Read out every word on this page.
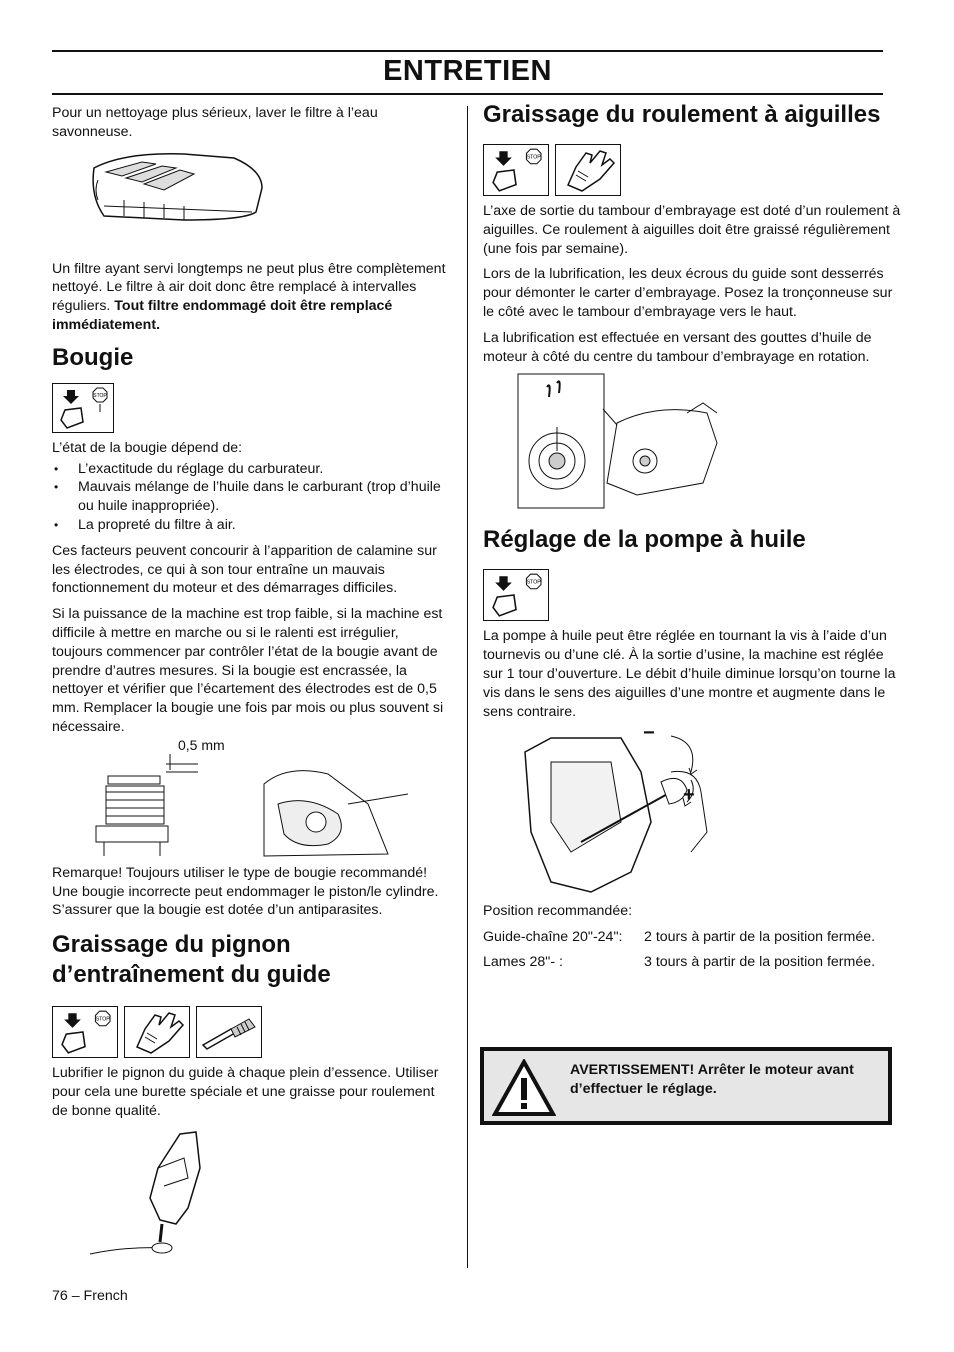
ENTRETIEN

Pour un nettoyage plus sérieux, laver le filtre à l’eau savonneuse.

Un filtre ayant servi longtemps ne peut plus être complètement nettoyé. Le filtre à air doit donc être remplacé à intervalles réguliers. Tout filtre endommagé doit être remplacé immédiatement.

Bougie
STOP

L’état de la bougie dépend de:

• L’exactitude du réglage du carburateur.
• Mauvais mélange de l’huile dans le carburant (trop d’huile ou huile inappropriée).
• La propreté du filtre à air.

Ces facteurs peuvent concourir à l’apparition de calamine sur les électrodes, ce qui à son tour entraîne un mauvais fonctionnement du moteur et des démarrages difficiles.

Si la puissance de la machine est trop faible, si la machine est difficile à mettre en marche ou si le ralenti est irrégulier, toujours commencer par contrôler l’état de la bougie avant de prendre d’autres mesures. Si la bougie est encrassée, la nettoyer et vérifier que l’écartement des électrodes est de 0,5 mm. Remplacer la bougie une fois par mois ou plus souvent si nécessaire.

0,5 mm

Remarque! Toujours utiliser le type de bougie recommandé! Une bougie incorrecte peut endommager le piston/le cylindre. S’assurer que la bougie est dotée d’un antiparasites.

Graissage du pignon d’entraînement du guide
STOP

Lubrifier le pignon du guide à chaque plein d’essence. Utiliser pour cela une burette spéciale et une graisse pour roulement de bonne qualité.

Graissage du roulement à aiguilles
STOP

L’axe de sortie du tambour d’embrayage est doté d’un roulement à aiguilles. Ce roulement à aiguilles doit être graissé régulièrement (une fois par semaine).

Lors de la lubrification, les deux écrous du guide sont desserrés pour démonter le carter d’embrayage. Posez la tronçonneuse sur le côté avec le tambour d’embrayage vers le haut.

La lubrification est effectuée en versant des gouttes d’huile de moteur à côté du centre du tambour d’embrayage en rotation.

Réglage de la pompe à huile
STOP

La pompe à huile peut être réglée en tournant la vis à l’aide d’un tournevis ou d’une clé. À la sortie d’usine, la machine est réglée sur 1 tour d’ouverture. Le débit d’huile diminue lorsqu’on tourne la vis dans le sens des aiguilles d’une montre et augmente dans le sens contraire.

−
+

Position recommandée:

Guide-chaîne 20"-24":	2 tours à partir de la position fermée.
Lames 28"- :	3 tours à partir de la position fermée.
AVERTISSEMENT! Arrêter le moteur avant d’effectuer le réglage.
76 – French
